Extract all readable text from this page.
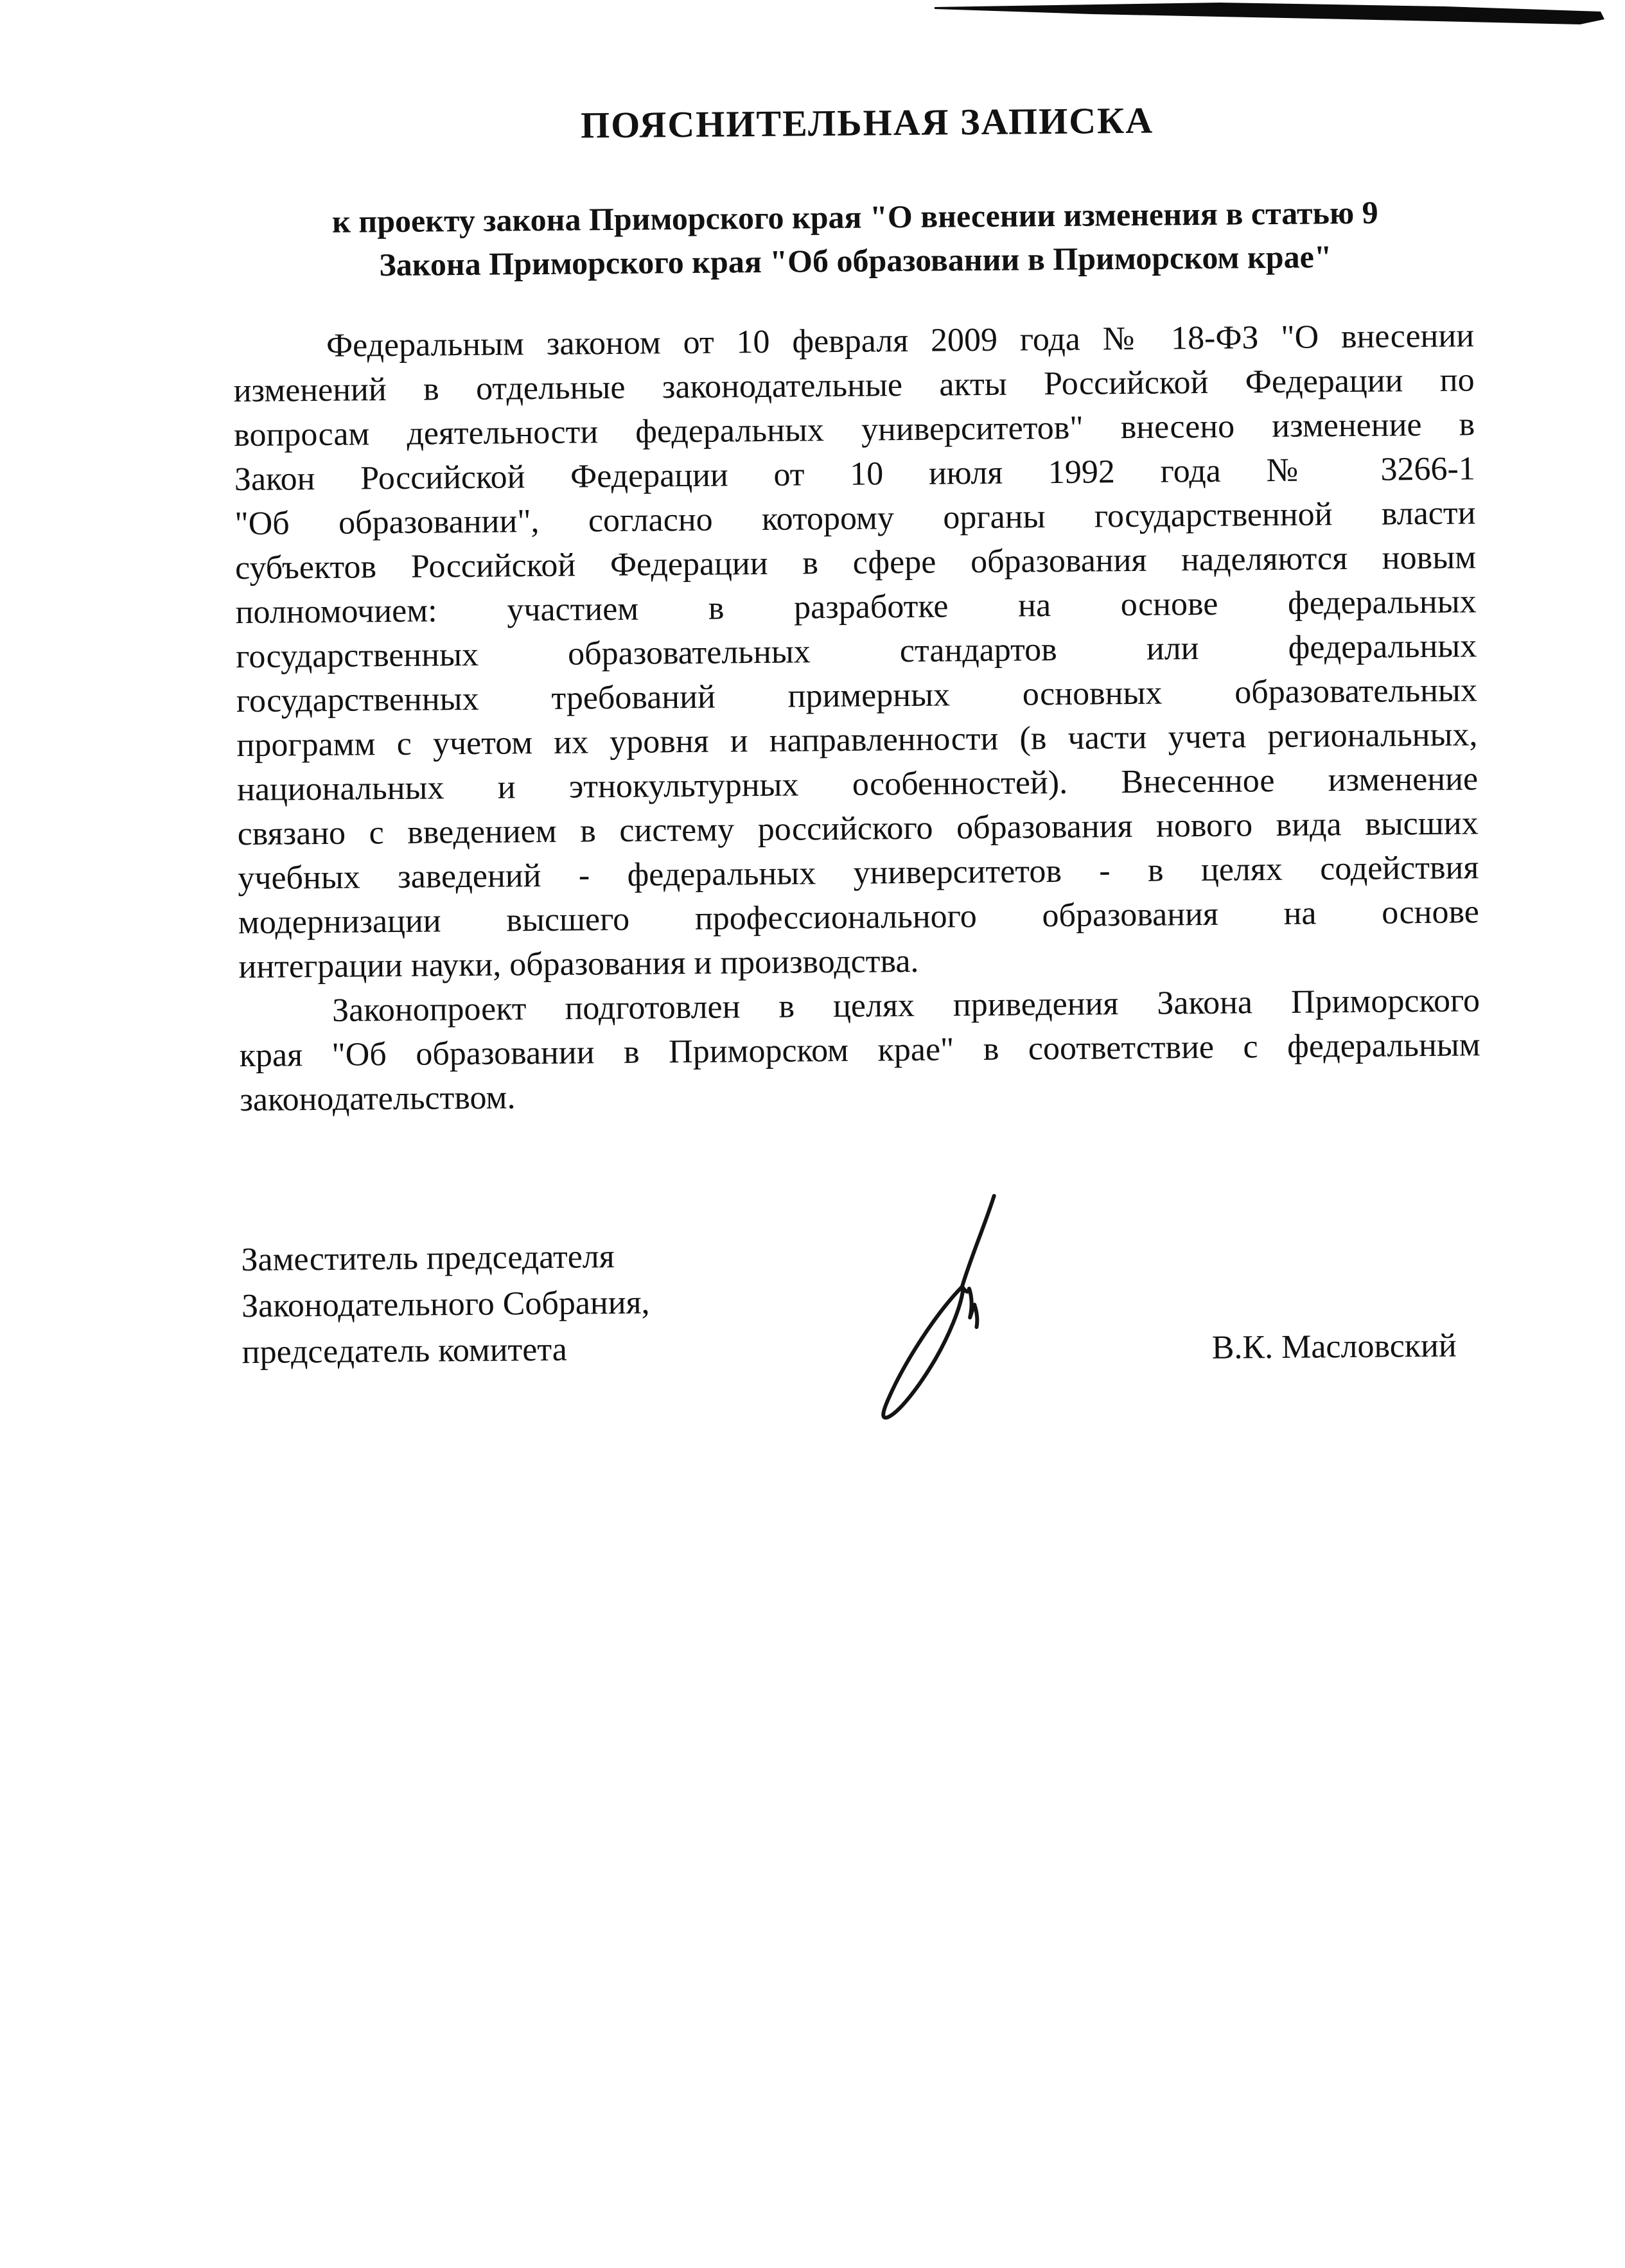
ПОЯСНИТЕЛЬНАЯ ЗАПИСКА
к проекту закона Приморского края "О внесении изменения в статью 9
Закона Приморского края "Об образовании в Приморском крае"
Федеральным законом от 10 февраля 2009 года № 18-ФЗ "О внесении
изменений в отдельные законодательные акты Российской Федерации по
вопросам деятельности федеральных университетов" внесено изменение в
Закон Российской Федерации от 10 июля 1992 года № 3266-1
"Об образовании", согласно которому органы государственной власти
субъектов Российской Федерации в сфере образования наделяются новым
полномочием: участием в разработке на основе федеральных
государственных образовательных стандартов или федеральных
государственных требований примерных основных образовательных
программ с учетом их уровня и направленности (в части учета региональных,
национальных и этнокультурных особенностей). Внесенное изменение
связано с введением в систему российского образования нового вида высших
учебных заведений - федеральных университетов - в целях содействия
модернизации высшего профессионального образования на основе
интеграции науки, образования и производства.
Законопроект подготовлен в целях приведения Закона Приморского
края "Об образовании в Приморском крае" в соответствие с федеральным
законодательством.
Заместитель председателя
Законодательного Собрания,
председатель комитета	В.К. Масловский
